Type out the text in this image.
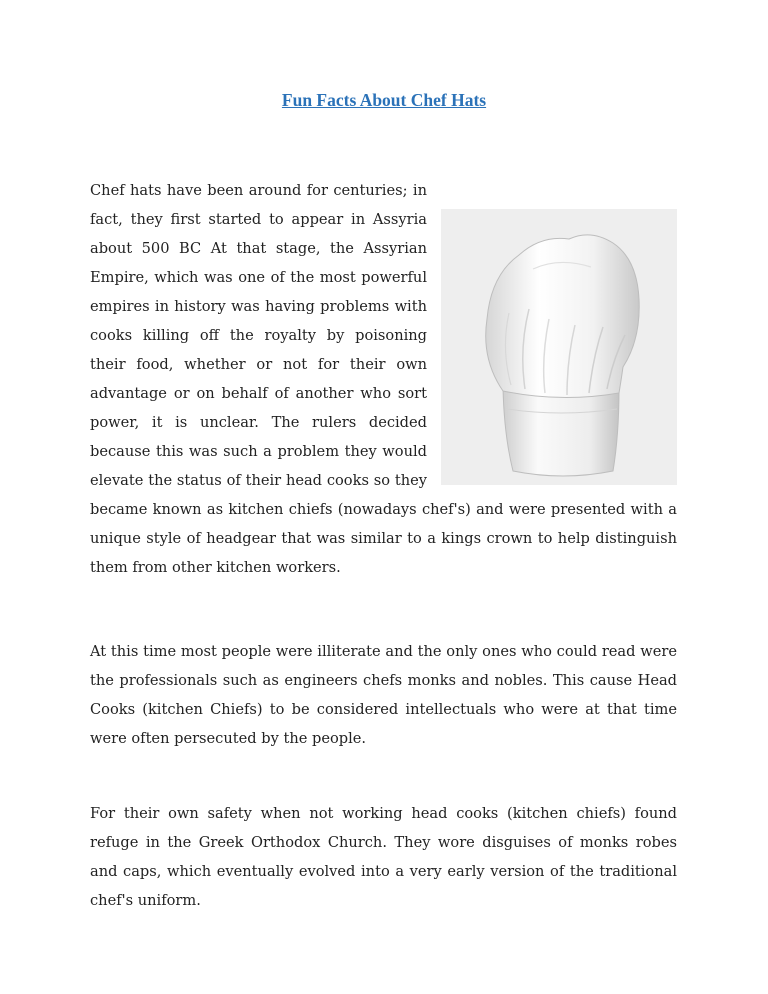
Fun Facts About Chef Hats
Chef hats have been around for centuries; in fact, they first started to appear in Assyria about 500 BC At that stage, the Assyrian Empire, which was one of the most powerful empires in history was having problems with cooks killing off the royalty by poisoning their food, whether or not for their own advantage or on behalf of another who sort power, it is unclear. The rulers decided because this was such a problem they would elevate the status of their head cooks so they became known as kitchen chiefs (nowadays chef's) and were presented with a unique style of headgear that was similar to a kings crown to help distinguish them from other kitchen workers.

At this time most people were illiterate and the only ones who could read were the professionals such as engineers chefs monks and nobles. This cause Head Cooks (kitchen Chiefs) to be considered intellectuals who were at that time were often persecuted by the people.

For their own safety when not working head cooks (kitchen chiefs) found refuge in the Greek Orthodox Church. They wore disguises of monks robes and caps, which eventually evolved into a very early version of the traditional chef's uniform.
